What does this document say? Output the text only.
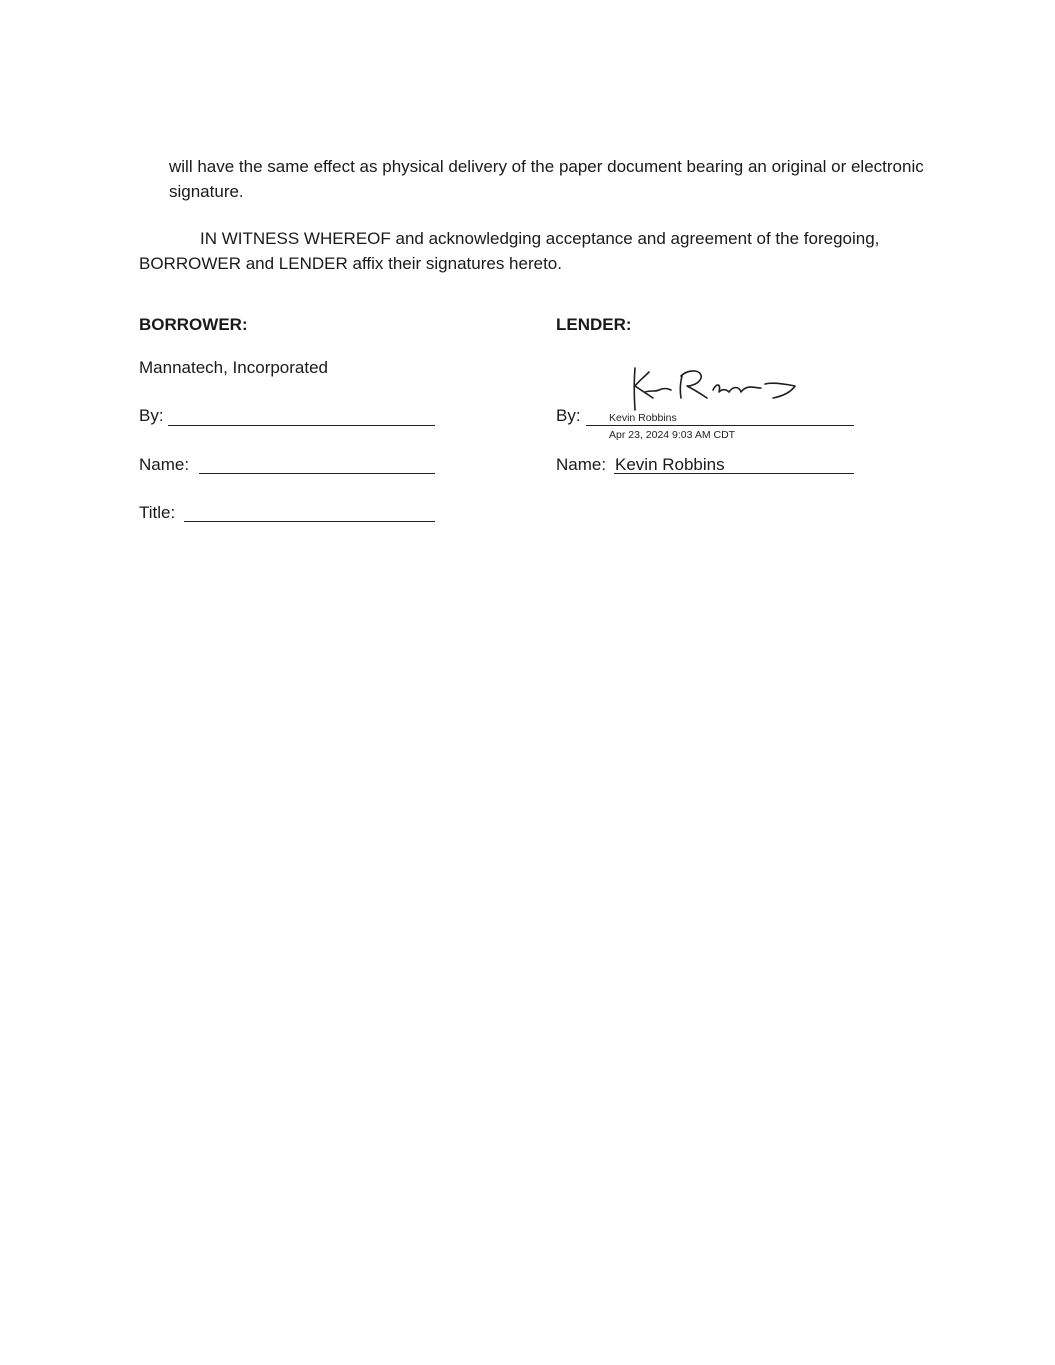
will have the same effect as physical delivery of the paper document bearing an original or electronic signature.

IN WITNESS WHEREOF and acknowledging acceptance and agreement of the foregoing, BORROWER and LENDER affix their signatures hereto.

BORROWER:
Mannatech, Incorporated
By:
Name:
Title:
LENDER:
By:	Kevin Robbins
Apr 23, 2024 9:03 AM CDT
Name: Kevin Robbins
